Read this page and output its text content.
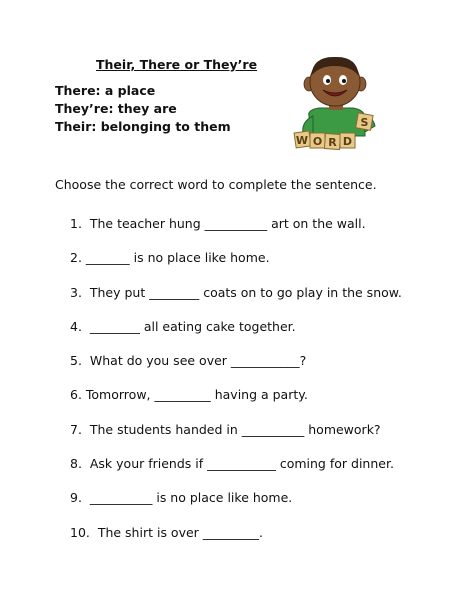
Their, There or They’re
There: a place
They’re: they are
Their: belonging to them
W O R D
S
Choose the correct word to complete the sentence.
1.  The teacher hung __________ art on the wall.
2. _______ is no place like home.
3.  They put ________ coats on to go play in the snow.
4.  ________ all eating cake together.
5.  What do you see over ___________?
6. Tomorrow, _________ having a party.
7.  The students handed in __________ homework?
8.  Ask your friends if ___________ coming for dinner.
9.  __________ is no place like home.
10.  The shirt is over _________.
